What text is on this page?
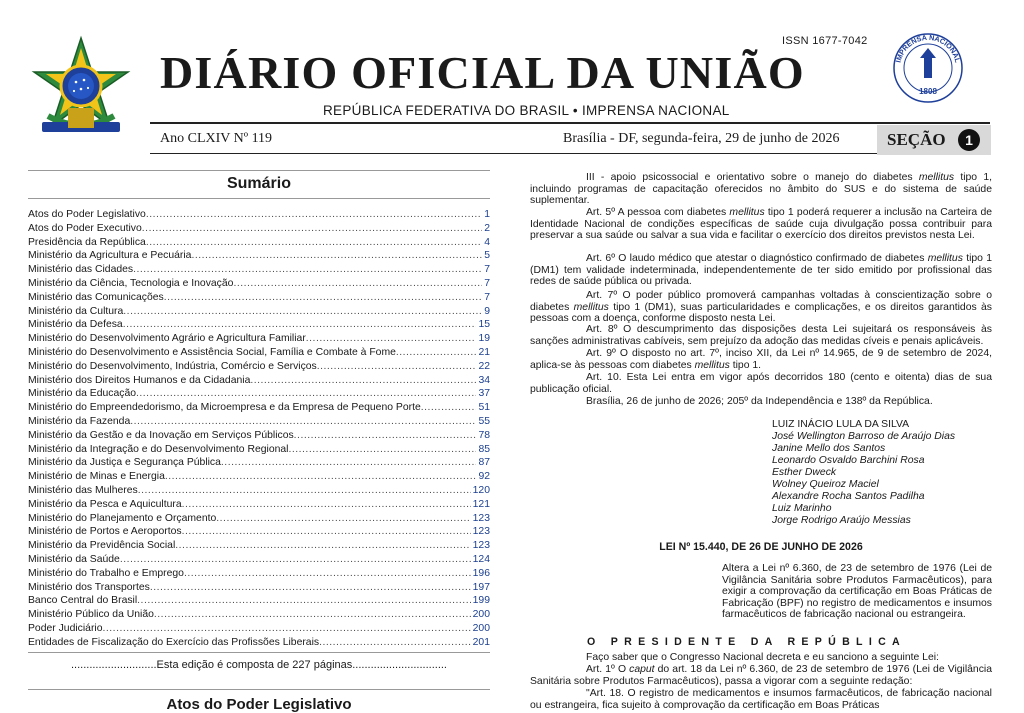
ISSN 1677-7042
DIÁRIO OFICIAL DA UNIÃO
REPÚBLICA FEDERATIVA DO BRASIL • IMPRENSA NACIONAL
IMPRENSA NACIONAL
1808
Ano CLXIV Nº 119	Brasília - DF, segunda-feira, 29 de junho de 2026	SEÇÃO	1
Sumário
Atos do Poder Legislativo .....	1
Atos do Poder Executivo .....	2
Presidência da República .....	4
Ministério da Agricultura e Pecuária .....	5
Ministério das Cidades .....	7
Ministério da Ciência, Tecnologia e Inovação .....	7
Ministério das Comunicações .....	7
Ministério da Cultura .....	9
Ministério da Defesa .....	15
Ministério do Desenvolvimento Agrário e Agricultura Familiar .....	19
Ministério do Desenvolvimento e Assistência Social, Família e Combate à Fome .....	21
Ministério do Desenvolvimento, Indústria, Comércio e Serviços .....	22
Ministério dos Direitos Humanos e da Cidadania .....	34
Ministério da Educação .....	37
Ministério do Empreendedorismo, da Microempresa e da Empresa de Pequeno Porte .....	51
Ministério da Fazenda .....	55
Ministério da Gestão e da Inovação em Serviços Públicos .....	78
Ministério da Integração e do Desenvolvimento Regional .....	85
Ministério da Justiça e Segurança Pública .....	87
Ministério de Minas e Energia .....	92
Ministério das Mulheres .....	120
Ministério da Pesca e Aquicultura .....	121
Ministério do Planejamento e Orçamento .....	123
Ministério de Portos e Aeroportos .....	123
Ministério da Previdência Social .....	123
Ministério da Saúde .....	124
Ministério do Trabalho e Emprego .....	196
Ministério dos Transportes .....	197
Banco Central do Brasil .....	199
Ministério Público da União .....	200
Poder Judiciário .....	200
Entidades de Fiscalização do Exercício das Profissões Liberais .....	201
............................Esta edição é composta de 227 páginas...............................
Atos do Poder Legislativo
III - apoio psicossocial e orientativo sobre o manejo do diabetes mellitus tipo 1, incluindo programas de capacitação oferecidos no âmbito do SUS e do sistema de saúde suplementar.
Art. 5º A pessoa com diabetes mellitus tipo 1 poderá requerer a inclusão na Carteira de Identidade Nacional de condições específicas de saúde cuja divulgação possa contribuir para preservar a sua saúde ou salvar a sua vida e facilitar o exercício dos direitos previstos nesta Lei.
Art. 6º O laudo médico que atestar o diagnóstico confirmado de diabetes mellitus tipo 1 (DM1) tem validade indeterminada, independentemente de ter sido emitido por profissional das redes de saúde pública ou privada.
Art. 7º O poder público promoverá campanhas voltadas à conscientização sobre o diabetes mellitus tipo 1 (DM1), suas particularidades e complicações, e os direitos garantidos às pessoas com a doença, conforme disposto nesta Lei.
Art. 8º O descumprimento das disposições desta Lei sujeitará os responsáveis às sanções administrativas cabíveis, sem prejuízo da adoção das medidas cíveis e penais aplicáveis.
Art. 9º O disposto no art. 7º, inciso XII, da Lei nº 14.965, de 9 de setembro de 2024, aplica-se às pessoas com diabetes mellitus tipo 1.
Art. 10. Esta Lei entra em vigor após decorridos 180 (cento e oitenta) dias de sua publicação oficial.
Brasília, 26 de junho de 2026; 205º da Independência e 138º da República.
LUIZ INÁCIO LULA DA SILVA
José Wellington Barroso de Araújo Dias
Janine Mello dos Santos
Leonardo Osvaldo Barchini Rosa
Esther Dweck
Wolney Queiroz Maciel
Alexandre Rocha Santos Padilha
Luiz Marinho
Jorge Rodrigo Araújo Messias
LEI Nº 15.440, DE 26 DE JUNHO DE 2026
Altera a Lei nº 6.360, de 23 de setembro de 1976 (Lei de Vigilância Sanitária sobre Produtos Farmacêuticos), para exigir a comprovação da certificação em Boas Práticas de Fabricação (BPF) no registro de medicamentos e insumos farmacêuticos de fabricação nacional ou estrangeira.
O PRESIDENTE DA REPÚBLICA
Faço saber que o Congresso Nacional decreta e eu sanciono a seguinte Lei:
Art. 1º O caput do art. 18 da Lei nº 6.360, de 23 de setembro de 1976 (Lei de Vigilância Sanitária sobre Produtos Farmacêuticos), passa a vigorar com a seguinte redação:
"Art. 18. O registro de medicamentos e insumos farmacêuticos, de fabricação nacional ou estrangeira, fica sujeito à comprovação da certificação em Boas Práticas
